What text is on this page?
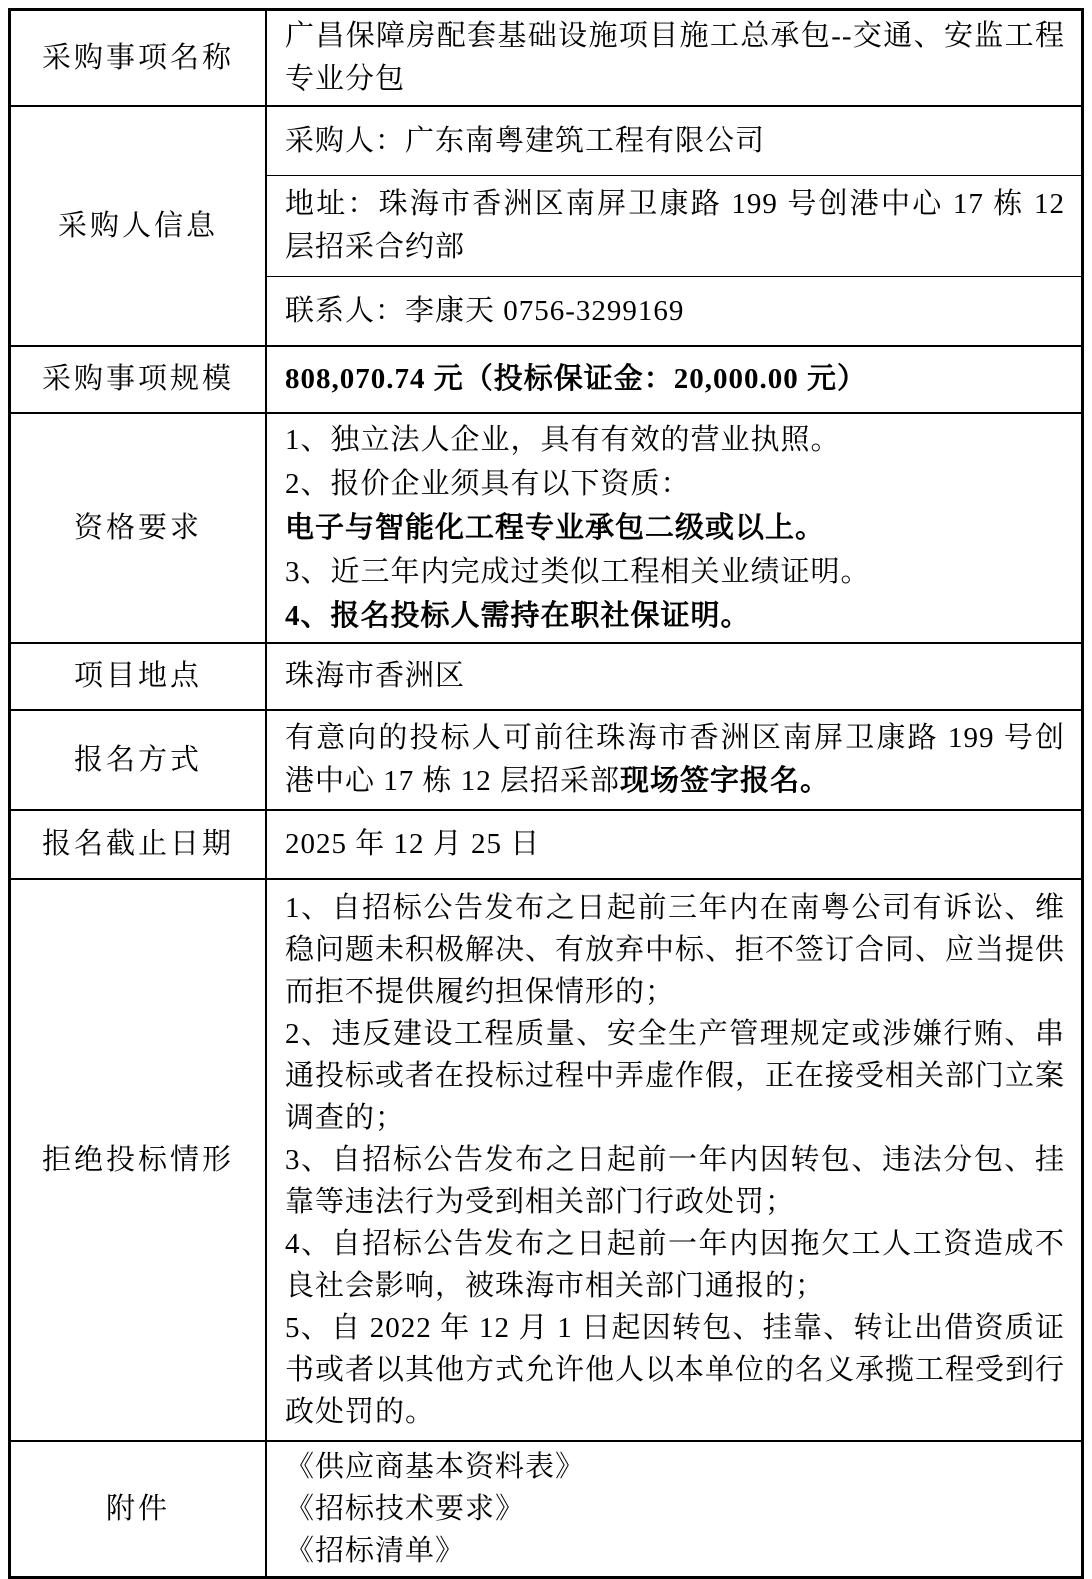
采购事项名称	广昌保障房配套基础设施项目施工总承包--交通、安监工程专业分包
采购人信息	采购人：广东南粤建筑工程有限公司
	地址：珠海市香洲区南屏卫康路 199 号创港中心 17 栋 12 层招采合约部
	联系人：李康天 0756-3299169
采购事项规模	808,070.74 元（投标保证金：20,000.00 元）
资格要求	1、独立法人企业，具有有效的营业执照。
2、报价企业须具有以下资质：
电子与智能化工程专业承包二级或以上。
3、近三年内完成过类似工程相关业绩证明。
4、报名投标人需持在职社保证明。

项目地点	珠海市香洲区
报名方式	有意向的投标人可前往珠海市香洲区南屏卫康路 199 号创港中心 17 栋 12 层招采部现场签字报名。
报名截止日期	2025 年 12 月 25 日
拒绝投标情形	1、自招标公告发布之日起前三年内在南粤公司有诉讼、维稳问题未积极解决、有放弃中标、拒不签订合同、应当提供而拒不提供履约担保情形的；
2、违反建设工程质量、安全生产管理规定或涉嫌行贿、串通投标或者在投标过程中弄虚作假，正在接受相关部门立案调查的；
3、自招标公告发布之日起前一年内因转包、违法分包、挂靠等违法行为受到相关部门行政处罚；
4、自招标公告发布之日起前一年内因拖欠工人工资造成不良社会影响，被珠海市相关部门通报的；
5、自 2022 年 12 月 1 日起因转包、挂靠、转让出借资质证书或者以其他方式允许他人以本单位的名义承揽工程受到行政处罚的。

附件	《供应商基本资料表》
《招标技术要求》
《招标清单》
